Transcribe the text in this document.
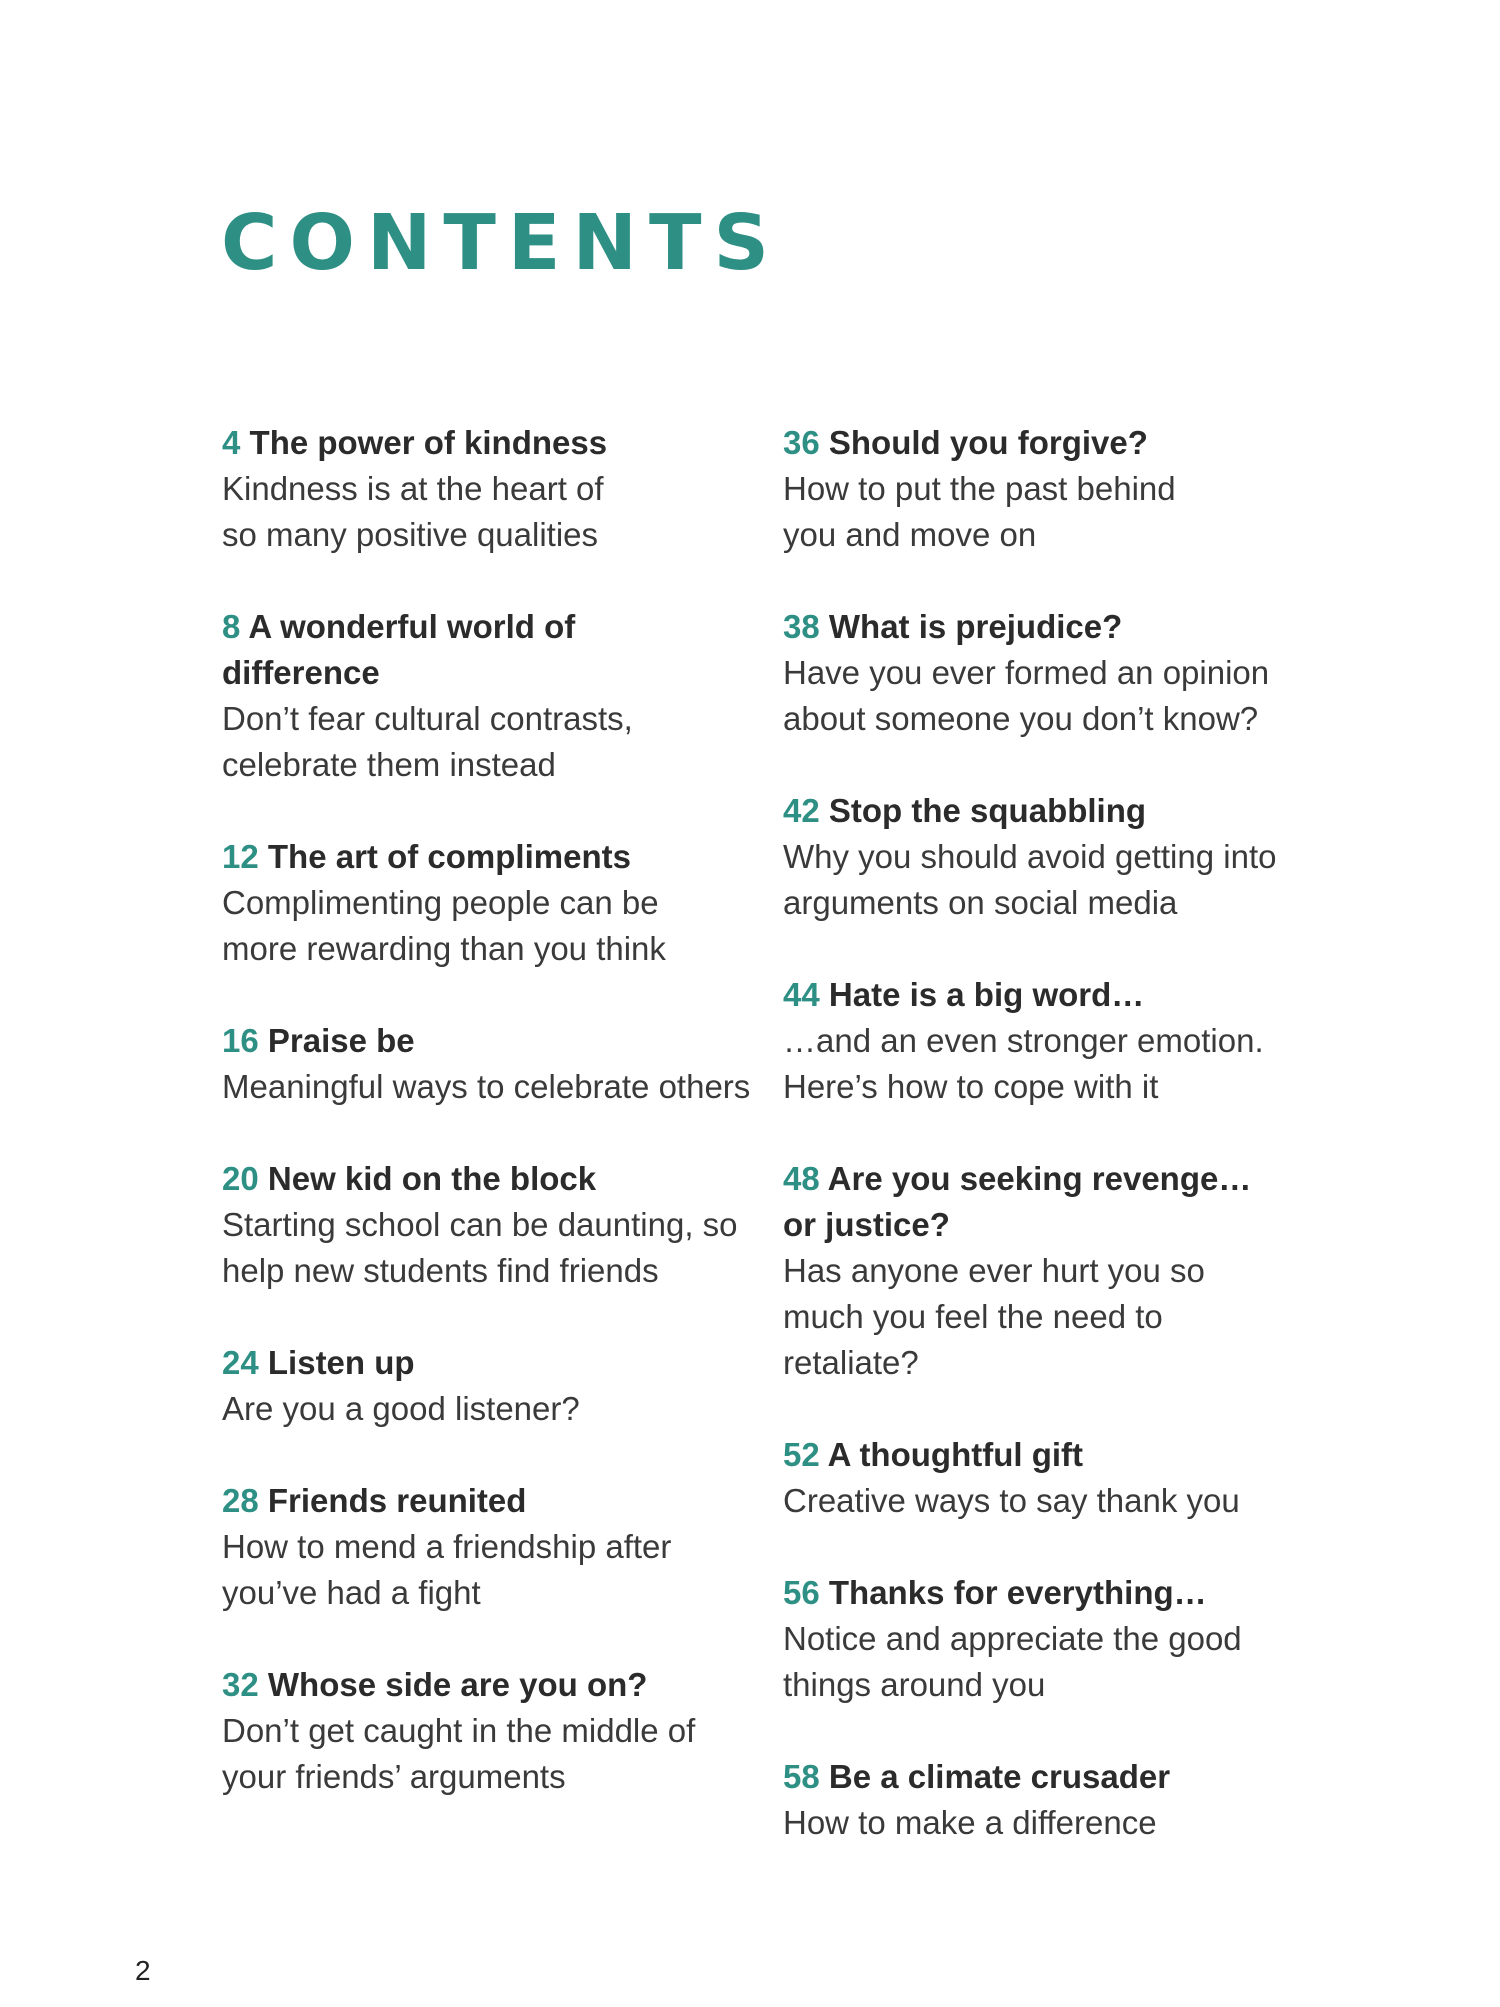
CONTENTS
4 The power of kindness
Kindness is at the heart of so many positive qualities
8 A wonderful world of difference
Don’t fear cultural contrasts, celebrate them instead
12 The art of compliments
Complimenting people can be more rewarding than you think
16 Praise be
Meaningful ways to celebrate others
20 New kid on the block
Starting school can be daunting, so help new students find friends
24 Listen up
Are you a good listener?
28 Friends reunited
How to mend a friendship after you’ve had a fight
32 Whose side are you on?
Don’t get caught in the middle of your friends’ arguments
36 Should you forgive?
How to put the past behind you and move on
38 What is prejudice?
Have you ever formed an opinion about someone you don’t know?
42 Stop the squabbling
Why you should avoid getting into arguments on social media
44 Hate is a big word…
…and an even stronger emotion. Here’s how to cope with it
48 Are you seeking revenge… or justice?
Has anyone ever hurt you so much you feel the need to retaliate?
52 A thoughtful gift
Creative ways to say thank you
56 Thanks for everything…
Notice and appreciate the good things around you
58 Be a climate crusader
How to make a difference
2
